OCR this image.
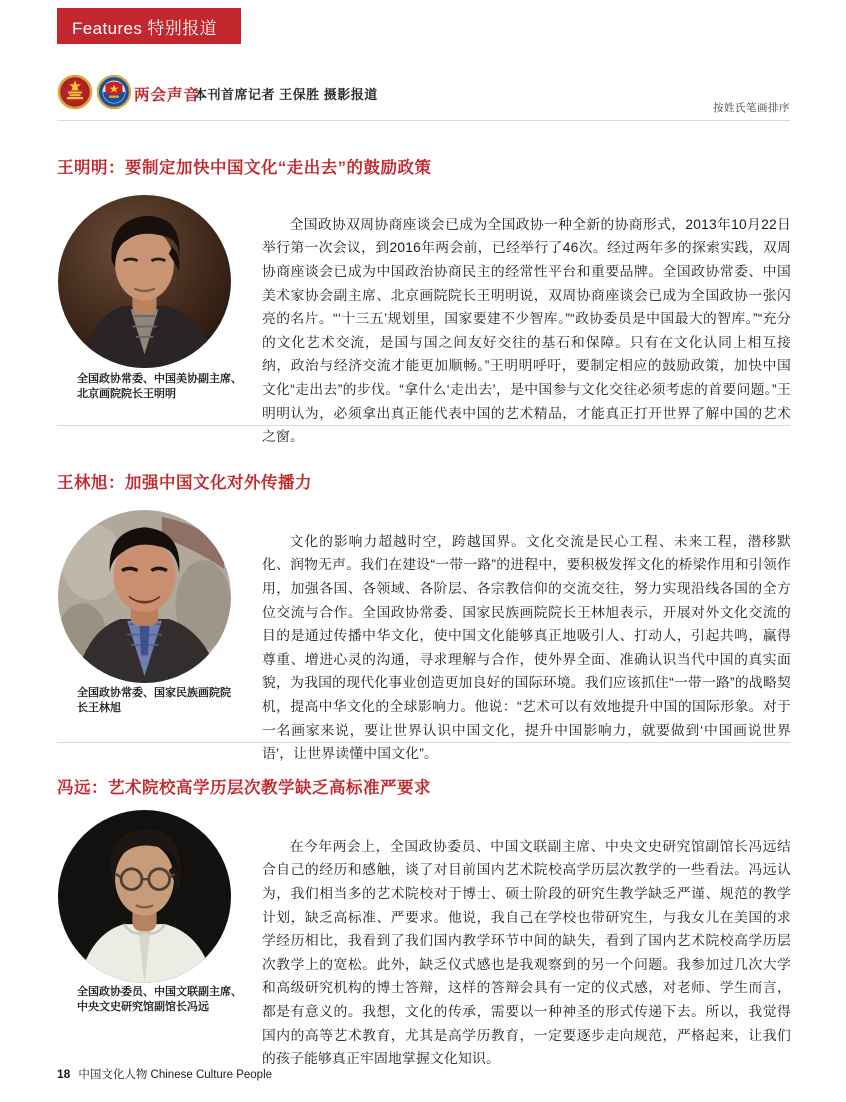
Features 特别报道
两会声音
本刊首席记者 王保胜 摄影报道
按姓氏笔画排序
王明明：要制定加快中国文化“走出去”的鼓励政策
全国政协常委、中国美协副主席、
北京画院院长王明明

全国政协双周协商座谈会已成为全国政协一种全新的协商形式，2013年10月22日举行第一次会议，到2016年两会前，已经举行了46次。经过两年多的探索实践，双周协商座谈会已成为中国政治协商民主的经常性平台和重要品牌。全国政协常委、中国美术家协会副主席、北京画院院长王明明说，双周协商座谈会已成为全国政协一张闪亮的名片。“‘十三五’规划里，国家要建不少智库。”“政协委员是中国最大的智库。”“充分的文化艺术交流，是国与国之间友好交往的基石和保障。只有在文化认同上相互接纳，政治与经济交流才能更加顺畅。”王明明呼吁，要制定相应的鼓励政策，加快中国文化“走出去”的步伐。“拿什么‘走出去’，是中国参与文化交往必须考虑的首要问题。”王明明认为，必须拿出真正能代表中国的艺术精品，才能真正打开世界了解中国的艺术之窗。

王林旭：加强中国文化对外传播力
全国政协常委、国家民族画院院
长王林旭

文化的影响力超越时空，跨越国界。文化交流是民心工程、未来工程，潜移默化、润物无声。我们在建设“一带一路”的进程中，要积极发挥文化的桥梁作用和引领作用，加强各国、各领域、各阶层、各宗教信仰的交流交往，努力实现沿线各国的全方位交流与合作。全国政协常委、国家民族画院院长王林旭表示，开展对外文化交流的目的是通过传播中华文化，使中国文化能够真正地吸引人、打动人，引起共鸣，赢得尊重、增进心灵的沟通，寻求理解与合作，使外界全面、准确认识当代中国的真实面貌，为我国的现代化事业创造更加良好的国际环境。我们应该抓住“一带一路”的战略契机，提高中华文化的全球影响力。他说：“艺术可以有效地提升中国的国际形象。对于一名画家来说，要让世界认识中国文化，提升中国影响力，就要做到‘中国画说世界语’，让世界读懂中国文化”。

冯远：艺术院校高学历层次教学缺乏高标准严要求
全国政协委员、中国文联副主席、
中央文史研究馆副馆长冯远

在今年两会上，全国政协委员、中国文联副主席、中央文史研究馆副馆长冯远结合自己的经历和感触，谈了对目前国内艺术院校高学历层次教学的一些看法。冯远认为，我们相当多的艺术院校对于博士、硕士阶段的研究生教学缺乏严谨、规范的教学计划，缺乏高标准、严要求。他说，我自己在学校也带研究生，与我女儿在美国的求学经历相比，我看到了我们国内教学环节中间的缺失，看到了国内艺术院校高学历层次教学上的宽松。此外，缺乏仪式感也是我观察到的另一个问题。我参加过几次大学和高级研究机构的博士答辩，这样的答辩会具有一定的仪式感，对老师、学生而言，都是有意义的。我想，文化的传承，需要以一种神圣的形式传递下去。所以，我觉得国内的高等艺术教育，尤其是高学历教育，一定要逐步走向规范，严格起来，让我们的孩子能够真正牢固地掌握文化知识。

18 中国文化人物 Chinese Culture People
